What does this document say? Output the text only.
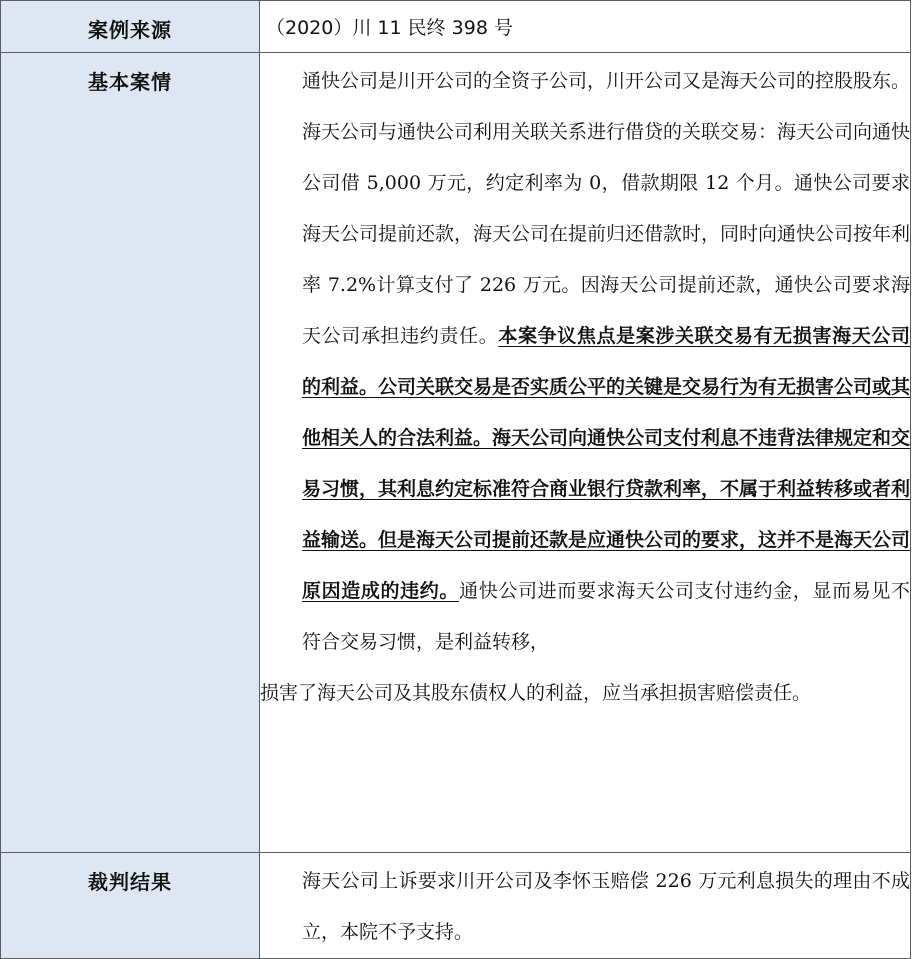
案例来源	（2020）川 11 民终 398 号

基本案情	通快公司是川开公司的全资子公司，川开公司又是海天公司的控股股东。海天公司与通快公司利用关联关系进行借贷的关联交易：海天公司向通快公司借 5,000 万元，约定利率为 0，借款期限 12 个月。通快公司要求海天公司提前还款，海天公司在提前归还借款时，同时向通快公司按年利率 7.2%计算支付了 226 万元。因海天公司提前还款，通快公司要求海天公司承担违约责任。本案争议焦点是案涉关联交易有无损害海天公司的利益。公司关联交易是否实质公平的关键是交易行为有无损害公司或其他相关人的合法利益。海天公司向通快公司支付利息不违背法律规定和交易习惯，其利息约定标准符合商业银行贷款利率，不属于利益转移或者利益输送。但是海天公司提前还款是应通快公司的要求，这并不是海天公司原因造成的违约。通快公司进而要求海天公司支付违约金，显而易见不符合交易习惯，是利益转移，

损害了海天公司及其股东债权人的利益，应当承担损害赔偿责任。

裁判结果	海天公司上诉要求川开公司及李怀玉赔偿 226 万元利息损失的理由不成立，本院不予支持。
